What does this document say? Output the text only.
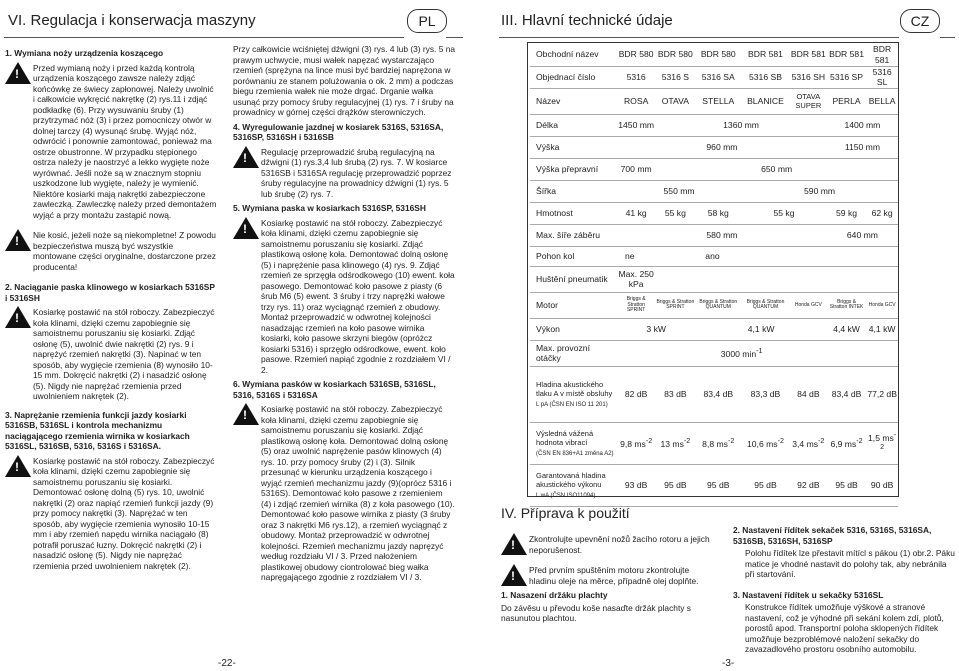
VI. Regulacja i konserwacja maszyny	PL	III. Hlavní technické údaje	CZ
1. Wymiana noży urządzenia koszącego
!

Przed wymianą noży i przed każdą kontrolą urządzenia koszącego zawsze należy zdjąć końcówkę ze świecy zapłonowej. Należy uwolnić i całkowicie wykręcić nakrętkę (2) rys.11 i zdjąć podkładkę (6). Przy wysuwaniu śruby (1) przytrzymać nóż (3) i przez pomocniczy otwór w dolnej tarczy (4) wysunąć śrubę. Wyjąć nóż, odwrócić i ponownie zamontować, ponieważ ma ostrze obustronne. W przypadku stępionego ostrza należy je naostrzyć a lekko wygięte noże wyrównać. Jeśli noże są w znacznym stopniu uszkodzone lub wygięte, należy je wymienić. Niektóre kosiarki mają nakrętki zabezpieczone zawleczką. Zawleczkę należy przed demontażem wyjąć a przy montażu zastąpić nową.

!

Nie kosić, jeżeli noże są niekompletne! Z powodu bezpieczeństwa muszą być wszystkie montowane części oryginalne, dostarczone przez producenta!

2. Naciąganie paska klinowego w kosiarkach 5316SP i 5316SH
!

Kosiarkę postawić na stół roboczy. Zabezpieczyć koła klinami, dzięki czemu zapobiegnie się samoistnemu poruszaniu się kosiarki. Zdjąć osłonę (5), uwolnić dwie nakrętki (2) rys. 9 i naprężyć rzemień nakrętki (3). Napinać w ten sposób, aby wygięcie rzemienia (8) wynosiło 10-15 mm. Dokręcić nakrętki (2) i nasadzić osłonę (5). Nigdy nie naprężać rzemienia przed uwolnieniem nakrętek (2).

3. Naprężanie rzemienia funkcji jazdy kosiarki 5316SB, 5316SL i kontrola mechanizmu naciągającego rzemienia wirnika w kosiarkach 5316SL, 5316SB, 5316, 5316S i 5316SA.
!

Kosiarkę postawić na stół roboczy. Zabezpieczyć koła klinami, dzięki czemu zapobiegnie się samoistnemu poruszaniu się kosiarki. Demontować osłonę dolną (5) rys. 10, uwolnić nakrętki (2) oraz napiąć rzemień funkcji jazdy (9) przy pomocy nakrętki (3). Naprężać w ten sposób, aby wygięcie rzemienia wynosiło 10-15 mm i aby rzemień napędu wirnika naciągało (8) potrafił poruszać łuzny. Dokręcić nakrętki (2) i nasadzić osłonę (5). Nigdy nie naprężać rzemienia przed uwolnieniem nakrętek (2).

Przy całkowicie wciśniętej dźwigni (3) rys. 4 lub (3) rys. 5 na prawym uchwycie, musi wałek napęzać wystarczająco rzemień (sprężyna na lince musi być bardziej naprężona w porównaniu ze stanem polużowania o ok. 2 mm) a podczas biegu rzemienia wałek nie może drgać. Drganie wałka usunąć przy pomocy śruby regulacyjnej (1) rys. 7 i śruby na prowadnicy w górnej części drążków sterowniczych.

4. Wyregulowanie jazdnej w kosiarek 5316S, 5316SA, 5316SP, 5316SH i 5316SB
!

Regulację przeprowadzić śrubą regulacyjną na dźwigni (1) rys.3,4 lub śrubą (2) rys. 7. W kosiarce 5316SB i 5316SA regulację przeprowadzić poprzez śruby regulacyjne na prowadnicy dźwigni (1) rys. 5 lub śrubę (2) rys. 7.

5. Wymiana paska w kosiarkach 5316SP, 5316SH
!

Kosiarkę postawić na stół roboczy. Zabezpieczyć koła klinami, dzięki czemu zapobiegnie się samoistnemu poruszaniu się kosiarki. Zdjąć plastikową osłonę koła. Demontować dolną osłonę (5) i naprężenie pasa klinowego (4) rys. 9. Zdjąć rzemień ze sprzęgła odśrodkowego (10) ewent. koła pasowego. Demontować koło pasowe z piasty (6 śrub M6 (5) ewent. 3 śruby i trzy naprężki wałowe trzy rys. 11) oraz wyciągnąć rzemień z obudowy. Montaż przeprowadzić w odwrotnej kolejności nasadzając rzemień na koło pasowe wirnika kosiarki, koło pasowe skrzyni biegów (opróżcz kosiarki 5316) i sprzęgło odśrodkowe, ewent. koło pasowe. Rzemień napiąć zgodnie z rozdziałem VI / 2.

6. Wymiana pasków w kosiarkach 5316SB, 5316SL, 5316, 5316S i 5316SA
!

Kosiarkę postawić na stół roboczy. Zabezpieczyć koła klinami, dzięki czemu zapobiegnie się samoistnemu poruszaniu się kosiarki. Zdjąć plastikową osłonę koła. Demontować dolną osłonę (5) oraz uwolnić naprężenie pasów klinowych (4) rys. 10. przy pomocy śruby (2) i (3). Silnik przesunąć w kierunku urządzenia koszącego i wyjąć rzemień mechanizmu jazdy (9)(oprócz 5316 i 5316S). Demontować koło pasowe z rzemieniem (4) i zdjąć rzemień wirnika (8) z koła pasowego (10). Demontować koło pasowe wirnika z piasty (3 śruby oraz 3 nakrętki M6 rys.12), a rzemień wyciągnąć z obudowy. Montaż przeprowadzić w odwrotnej kolejności. Rzemień mechanizmu jazdy napręzyć według rozdziału VI / 3. Przed nałożeniem plastikowej obudowy ciontrolować bieg wałka napręgającego zgodnie z rozdziałem VI / 3.

-22-
Obchodní název	BDR 580	BDR 580	BDR 580	BDR 581	BDR 581	BDR 581	BDR 581
Objednací číslo	5316	5316 S	5316 SA	5316 SB	5316 SH	5316 SP	5316 SL
Název	ROSA	OTAVA	STELLA	BLANICE	OTAVA SUPER	PERLA	BELLA
Délka	1450 mm	1360 mm				1400 mm	
Výška	960 mm					1150 mm	
Výška přepravní	700 mm	650 mm					
Šířka	550 mm			590 mm			
Hmotnost	41 kg	55 kg	58 kg	55 kg		59 kg	62 kg
Max. šíře záběru	580 mm					640 mm	
Pohon kol	ne	ano					
Huštění pneumatik	Max. 250 kPa						
Motor	Briggs & Stratton SPRINT	Briggs & Stratton SPRINT	Briggs & Stratton QUANTUM	Briggs & Stratton QUANTUM	Honda GCV	Briggs & Stratton INTEK	Honda GCV
Výkon	3 kW		4,1 kW			4,4 kW	4,1 kW
Max. provozní otáčky	3000 $\min^{-1}$	
Hladina akustického tlaku A v místě obsluhy
L pA (ČSN EN ISO 11 201)	82 dB	83 dB	83,4 dB	83,3 dB	84 dB	83,4 dB	77,2 dB
Výsledná vážená hodnota vibrací
(ČSN EN 836+A1 změna A2)	9,8 $ms^{-2}$	13 $ms^{-2}$	8,8 $ms^{-2}$	10,6 $ms^{-2}$	3,4 $ms^{-2}$	6,9 $ms^{-2}$	1,5 $ms^{-2}$
Garantovaná hladina akustického výkonu
L wA (ČSN ISO11094)	93 dB	95 dB	95 dB	95 dB	92 dB	95 dB	90 dB
IV. Příprava k použití
!

Zkontrolujte upevnění nožů žacího rotoru a jejich neporušenost.

!

Před prvním spuštěním motoru zkontrolujte hladinu oleje na měrce, případně olej doplňte.

1. Nasazení držáku plachty

Do závěsu u převodu koše nasaďte držák plachty s nasunutou plachtou.

2. Nastavení řídítek sekaček 5316, 5316S, 5316SA, 5316SB, 5316SH, 5316SP

Polohu řídítek lze přestavit mítícl s pákou (1) obr.2. Páku matice je vhodné nastavit do polohy tak, aby nebránila při startování.

3. Nastavení řídítek u sekačky 5316SL

Konstrukce řídítek umožňuje výškové a stranové nastavení, což je výhodné při sekání kolem zdí, plotů, porostů apod. Transportní poloha sklopených řídítek umožňuje bezproblémové naložení sekačky do zavazadlového prostoru osobního automobilu.

-3-
